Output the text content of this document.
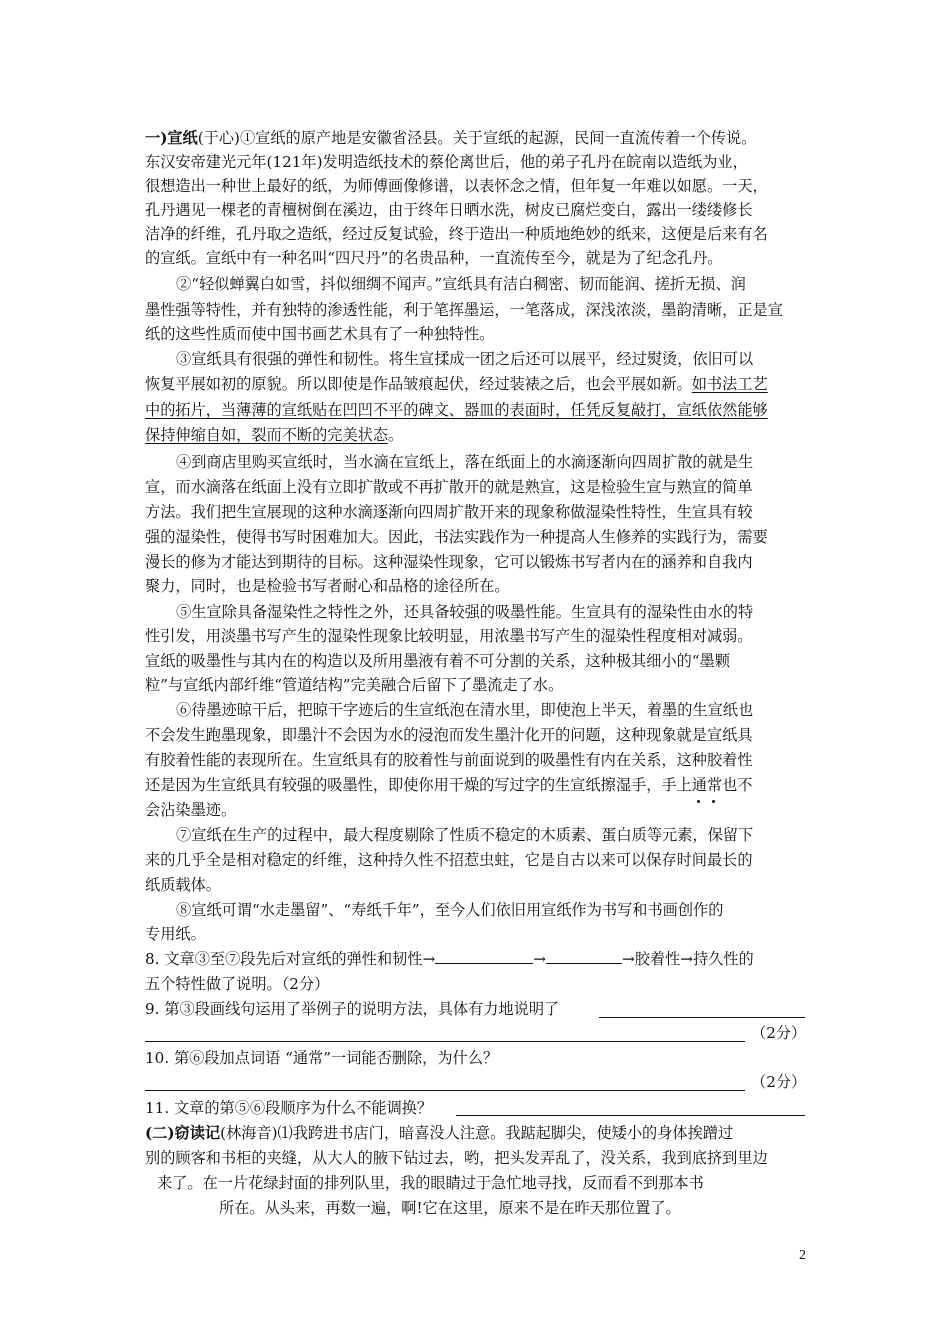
一)宣纸(于心)①宣纸的原产地是安徽省泾县。关于宣纸的起源，民间一直流传着一个传说。
东汉安帝建光元年(121年)发明造纸技术的蔡伦离世后，他的弟子孔丹在皖南以造纸为业，
很想造出一种世上最好的纸，为师傅画像修谱，以表怀念之情，但年复一年难以如愿。一天，
孔丹遇见一棵老的青檀树倒在溪边，由于终年日晒水洗，树皮已腐烂变白，露出一缕缕修长
洁净的纤维，孔丹取之造纸，经过反复试验，终于造出一种质地绝妙的纸来，这便是后来有名
的宣纸。宣纸中有一种名叫“四尺丹”的名贵品种，一直流传至今，就是为了纪念孔丹。
②“轻似蝉翼白如雪，抖似细绸不闻声。”宣纸具有洁白稠密、韧而能润、搓折无损、润
墨性强等特性，并有独特的渗透性能，利于笔挥墨运，一笔落成，深浅浓淡，墨韵清晰，正是宣
纸的这些性质而使中国书画艺术具有了一种独特性。
③宣纸具有很强的弹性和韧性。将生宣揉成一团之后还可以展平，经过熨烫，依旧可以
恢复平展如初的原貌。所以即使是作品皱痕起伏，经过装裱之后，也会平展如新。如书法工艺
中的拓片，当薄薄的宣纸贴在凹凹不平的碑文、器皿的表面时，任凭反复敲打，宣纸依然能够
保持伸缩自如，裂而不断的完美状态。
④到商店里购买宣纸时，当水滴在宣纸上，落在纸面上的水滴逐渐向四周扩散的就是生
宣，而水滴落在纸面上没有立即扩散或不再扩散开的就是熟宣，这是检验生宣与熟宣的简单
方法。我们把生宣展现的这种水滴逐渐向四周扩散开来的现象称做湿染性特性，生宣具有较
强的湿染性，使得书写时困难加大。因此，书法实践作为一种提高人生修养的实践行为，需要
漫长的修为才能达到期待的目标。这种湿染性现象，它可以锻炼书写者内在的涵养和自我内
聚力，同时，也是检验书写者耐心和品格的途径所在。
⑤生宣除具备湿染性之特性之外，还具备较强的吸墨性能。生宣具有的湿染性由水的特
性引发，用淡墨书写产生的湿染性现象比较明显，用浓墨书写产生的湿染性程度相对减弱。
宣纸的吸墨性与其内在的构造以及所用墨液有着不可分割的关系，这种极其细小的“墨颗
粒”与宣纸内部纤维“管道结构”完美融合后留下了墨流走了水。
⑥待墨迹晾干后，把晾干字迹后的生宣纸泡在清水里，即使泡上半天，着墨的生宣纸也
不会发生跑墨现象，即墨汁不会因为水的浸泡而发生墨汁化开的问题，这种现象就是宣纸具
有胶着性能的表现所在。生宣纸具有的胶着性与前面说到的吸墨性有内在关系，这种胶着性
还是因为生宣纸具有较强的吸墨性，即使你用干燥的写过字的生宣纸擦湿手，手上通常
也不
会沾染墨迹。
⑦宣纸在生产的过程中，最大程度剔除了性质不稳定的木质素、蛋白质等元素，保留下
来的几乎全是相对稳定的纤维，这种持久性不招惹虫蛀，它是自古以来可以保存时间最长的
纸质载体。
⑧宣纸可谓“水走墨留”、“寿纸千年”，至今人们依旧用宣纸作为书写和书画创作的
专用纸。
8. 文章③至⑦段先后对宣纸的弹性和韧性→	→	→胶着性→持久性的
五个特性做了说明。（2分）
9. 第③段画线句运用了举例子的说明方法，具体有力地说明了
（2分）
10. 第⑥段加点词语 “通常”一词能否删除，为什么？
（2分）
11. 文章的第⑤⑥段顺序为什么不能调换？
(二)窃读记(林海音)⑴我跨进书店门，暗喜没人注意。我踮起脚尖，使矮小的身体挨蹭过
别的顾客和书柜的夹缝，从大人的腋下钻过去，哟，把头发弄乱了，没关系，我到底挤到里边
来了。在一片花绿封面的排列队里，我的眼睛过于急忙地寻找，反而看不到那本书
所在。从头来，再数一遍，啊!它在这里，原来不是在昨天那位置了。
2
